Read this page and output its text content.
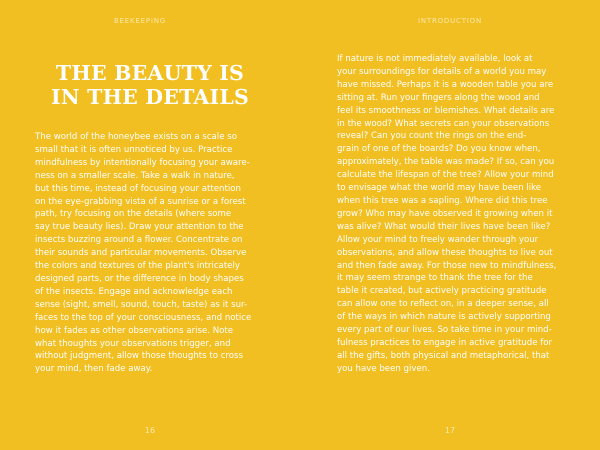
BEEKEEPING
THE BEAUTY IS
IN THE DETAILS
The world of the honeybee exists on a scale so
small that it is often unnoticed by us. Practice
mindfulness by intentionally focusing your aware-
ness on a smaller scale. Take a walk in nature,
but this time, instead of focusing your attention
on the eye-grabbing vista of a sunrise or a forest
path, try focusing on the details (where some
say true beauty lies). Draw your attention to the
insects buzzing around a flower. Concentrate on
their sounds and particular movements. Observe
the colors and textures of the plant's intricately
designed parts, or the difference in body shapes
of the insects. Engage and acknowledge each
sense (sight, smell, sound, touch, taste) as it sur-
faces to the top of your consciousness, and notice
how it fades as other observations arise. Note
what thoughts your observations trigger, and
without judgment, allow those thoughts to cross
your mind, then fade away.
16
INTRODUCTION
If nature is not immediately available, look at
your surroundings for details of a world you may
have missed. Perhaps it is a wooden table you are
sitting at. Run your fingers along the wood and
feel its smoothness or blemishes. What details are
in the wood? What secrets can your observations
reveal? Can you count the rings on the end-
grain of one of the boards? Do you know when,
approximately, the table was made? If so, can you
calculate the lifespan of the tree? Allow your mind
to envisage what the world may have been like
when this tree was a sapling. Where did this tree
grow? Who may have observed it growing when it
was alive? What would their lives have been like?
Allow your mind to freely wander through your
observations, and allow these thoughts to live out
and then fade away. For those new to mindfulness,
it may seem strange to thank the tree for the
table it created, but actively practicing gratitude
can allow one to reflect on, in a deeper sense, all
of the ways in which nature is actively supporting
every part of our lives. So take time in your mind-
fulness practices to engage in active gratitude for
all the gifts, both physical and metaphorical, that
you have been given.
17
